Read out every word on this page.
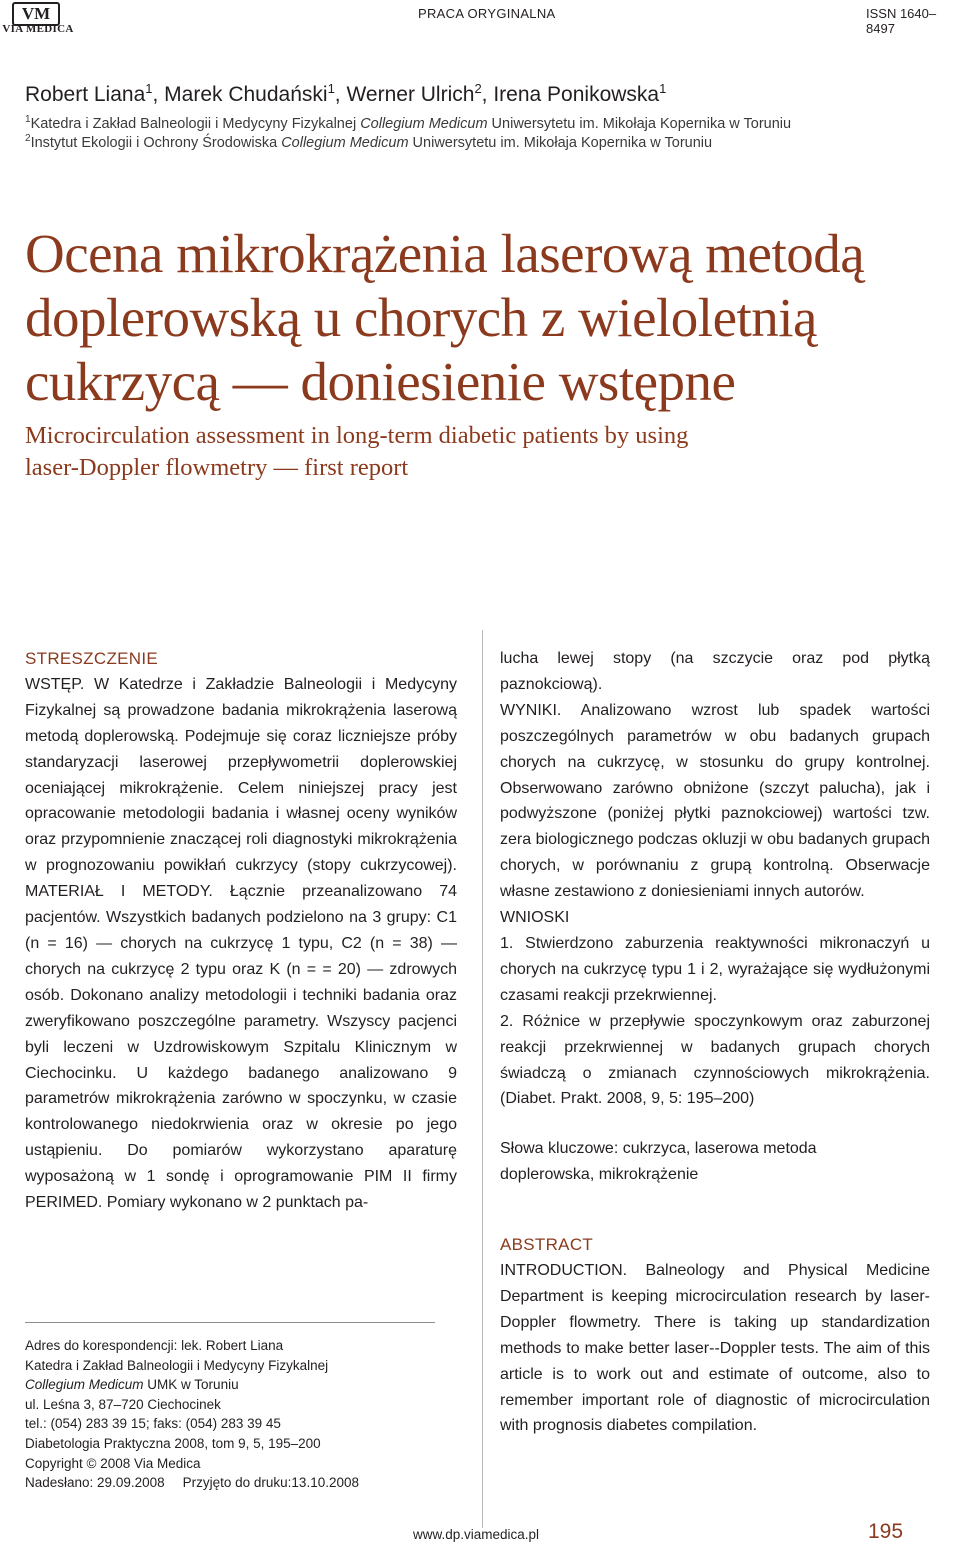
VM
VIA MEDICA
PRACA ORYGINALNA	ISSN 1640–8497
Robert Liana$^1$, Marek Chudański$^1$, Werner Ulrich$^2$, Irena Ponikowska$^1$
$^1$Katedra i Zakład Balneologii i Medycyny Fizykalnej Collegium Medicum Uniwersytetu im. Mikołaja Kopernika w Toruniu
$^2$Instytut Ekologii i Ochrony Środowiska Collegium Medicum Uniwersytetu im. Mikołaja Kopernika w Toruniu
Ocena mikrokrążenia laserową metodą
doplerowską u chorych z wieloletnią
cukrzycą — doniesienie wstępne
Microcirculation assessment in long-term diabetic patients by using
laser-Doppler flowmetry — first report
STRESZCZENIE

WSTĘP. W Katedrze i Zakładzie Balneologii i Medycyny Fizykalnej są prowadzone badania mikrokrążenia laserową metodą doplerowską. Podejmuje się coraz liczniejsze próby standaryzacji laserowej przepływometrii doplerowskiej oceniającej mikrokrążenie. Celem niniejszej pracy jest opracowanie metodologii badania i własnej oceny wyników oraz przypomnienie znaczącej roli diagnostyki mikrokrążenia w prognozowaniu powikłań cukrzycy (stopy cukrzycowej). MATERIAŁ I METODY. Łącznie przeanalizowano 74 pacjentów. Wszystkich badanych podzielono na 3 grupy: C1 (n = 16) — chorych na cukrzycę 1 typu, C2 (n = 38) — chorych na cukrzycę 2 typu oraz K (n = = 20) — zdrowych osób. Dokonano analizy metodologii i techniki badania oraz zweryfikowano poszczególne parametry. Wszyscy pacjenci byli leczeni w Uzdrowiskowym Szpitalu Klinicznym w Ciechocinku. U każdego badanego analizowano 9 parametrów mikrokrążenia zarówno w spoczynku, w czasie kontrolowanego niedokrwienia oraz w okresie po jego ustąpieniu. Do pomiarów wykorzystano aparaturę wyposażoną w 1 sondę i oprogramowanie PIM II firmy PERIMED. Pomiary wykonano w 2 punktach pa-

lucha lewej stopy (na szczycie oraz pod płytką paznokciową).

WYNIKI. Analizowano wzrost lub spadek wartości poszczególnych parametrów w obu badanych grupach chorych na cukrzycę, w stosunku do grupy kontrolnej. Obserwowano zarówno obniżone (szczyt palucha), jak i podwyższone (poniżej płytki paznokciowej) wartości tzw. zera biologicznego podczas okluzji w obu badanych grupach chorych, w porównaniu z grupą kontrolną. Obserwacje własne zestawiono z doniesieniami innych autorów.

WNIOSKI

1. Stwierdzono zaburzenia reaktywności mikronaczyń u chorych na cukrzycę typu 1 i 2, wyrażające się wydłużonymi czasami reakcji przekrwiennej.

2. Różnice w przepływie spoczynkowym oraz zaburzonej reakcji przekrwiennej w badanych grupach chorych świadczą o zmianach czynnościowych mikrokrążenia. (Diabet. Prakt. 2008, 9, 5: 195–200)

Słowa kluczowe: cukrzyca, laserowa metoda
doplerowska, mikrokrążenie

ABSTRACT

INTRODUCTION. Balneology and Physical Medicine Department is keeping microcirculation research by laser-Doppler flowmetry. There is taking up standardization methods to make better laser--Doppler tests. The aim of this article is to work out and estimate of outcome, also to remember important role of diagnostic of microcirculation with prognosis diabetes compilation.

Adres do korespondencji: lek. Robert Liana
Katedra i Zakład Balneologii i Medycyny Fizykalnej
Collegium Medicum UMK w Toruniu
ul. Leśna 3, 87–720 Ciechocinek
tel.: (054) 283 39 15; faks: (054) 283 39 45
Diabetologia Praktyczna 2008, tom 9, 5, 195–200
Copyright © 2008 Via Medica
Nadesłano: 29.09.2008 Przyjęto do druku:13.10.2008
www.dp.viamedica.pl	195
